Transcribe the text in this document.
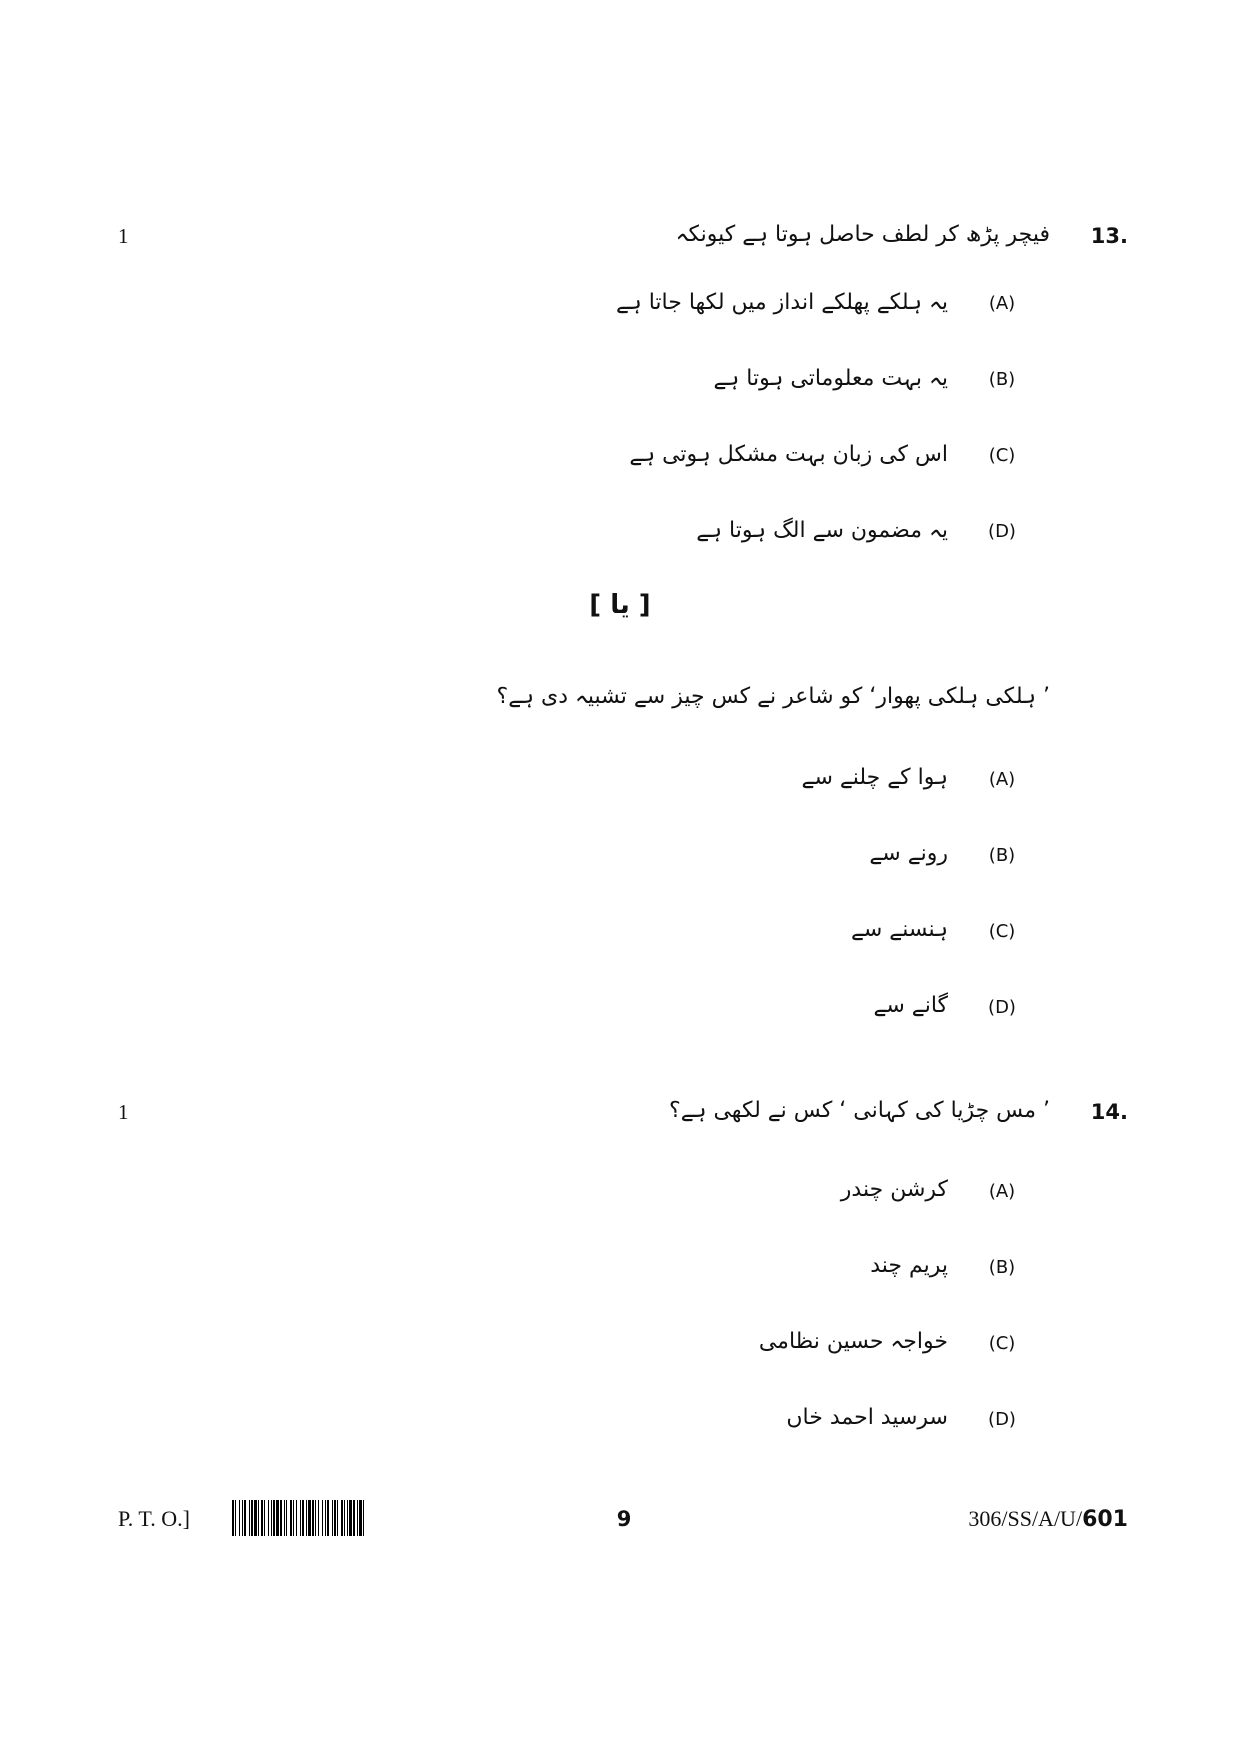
1	13.
فیچر پڑھ کر لطف حاصل ہوتا ہے کیونکہ
(A)
یہ ہلکے پھلکے انداز میں لکھا جاتا ہے
(B)
یہ بہت معلوماتی ہوتا ہے
(C)
اس کی زبان بہت مشکل ہوتی ہے
(D)
یہ مضمون سے الگ ہوتا ہے
[ یا ]
’ ہلکی ہلکی پھوار‘ کو شاعر نے کس چیز سے تشبیہ دی ہے؟
(A)
ہوا کے چلنے سے
(B)
رونے سے
(C)
ہنسنے سے
(D)
گانے سے
1	14.
’ مس چڑیا کی کہانی ‘ کس نے لکھی ہے؟
(A)
کرشن چندر
(B)
پریم چند
(C)
خواجہ حسین نظامی
(D)
سرسید احمد خاں
P. T. O.]	9	306/SS/A/U/601
